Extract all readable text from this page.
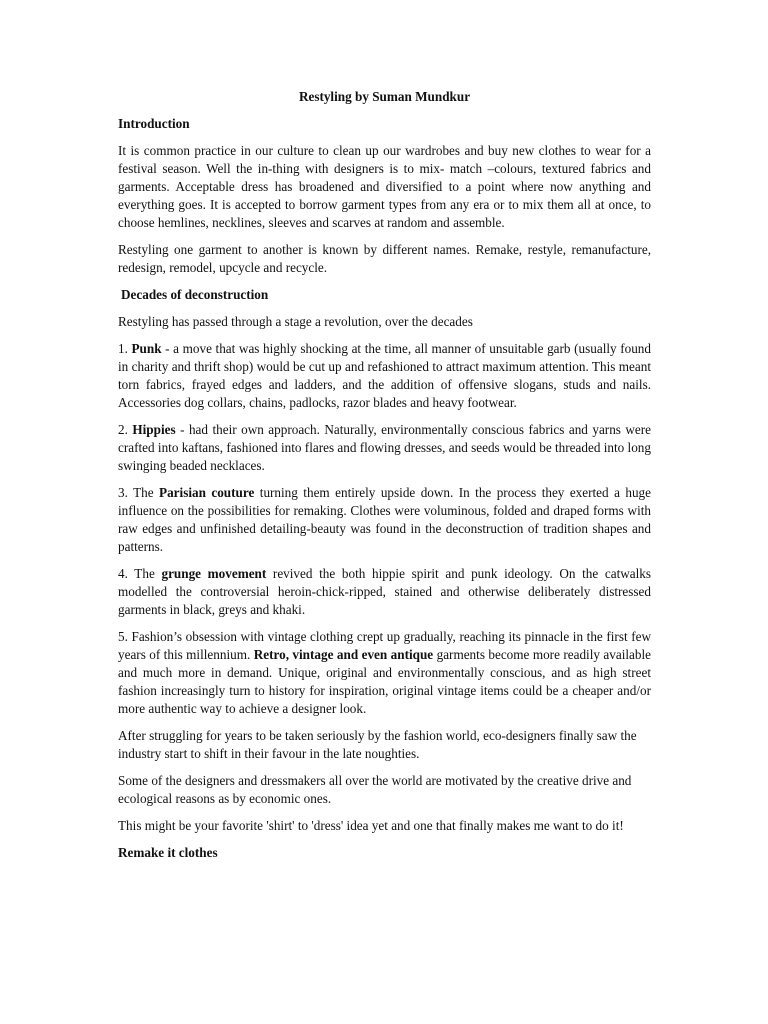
Restyling by Suman Mundkur
Introduction

It is common practice in our culture to clean up our wardrobes and buy new clothes to wear for a festival season. Well the in-thing with designers is to mix- match –colours, textured fabrics and garments. Acceptable dress has broadened and diversified to a point where now anything and everything goes. It is accepted to borrow garment types from any era or to mix them all at once, to choose hemlines, necklines, sleeves and scarves at random and assemble.

Restyling one garment to another is known by different names. Remake, restyle, remanufacture, redesign, remodel, upcycle and recycle.

Decades of deconstruction

Restyling has passed through a stage a revolution, over the decades

1. Punk - a move that was highly shocking at the time, all manner of unsuitable garb (usually found in charity and thrift shop) would be cut up and refashioned to attract maximum attention. This meant torn fabrics, frayed edges and ladders, and the addition of offensive slogans, studs and nails. Accessories dog collars, chains, padlocks, razor blades and heavy footwear.

2. Hippies - had their own approach. Naturally, environmentally conscious fabrics and yarns were crafted into kaftans, fashioned into flares and flowing dresses, and seeds would be threaded into long swinging beaded necklaces.

3. The Parisian couture turning them entirely upside down. In the process they exerted a huge influence on the possibilities for remaking. Clothes were voluminous, folded and draped forms with raw edges and unfinished detailing-beauty was found in the deconstruction of tradition shapes and patterns.

4. The grunge movement revived the both hippie spirit and punk ideology. On the catwalks modelled the controversial heroin-chick-ripped, stained and otherwise deliberately distressed garments in black, greys and khaki.

5. Fashion’s obsession with vintage clothing crept up gradually, reaching its pinnacle in the first few years of this millennium. Retro, vintage and even antique garments become more readily available and much more in demand. Unique, original and environmentally conscious, and as high street fashion increasingly turn to history for inspiration, original vintage items could be a cheaper and/or more authentic way to achieve a designer look.

After struggling for years to be taken seriously by the fashion world, eco-designers finally saw the industry start to shift in their favour in the late noughties.

Some of the designers and dressmakers all over the world are motivated by the creative drive and ecological reasons as by economic ones.

This might be your favorite 'shirt' to 'dress' idea yet and one that finally makes me want to do it!

Remake it clothes
